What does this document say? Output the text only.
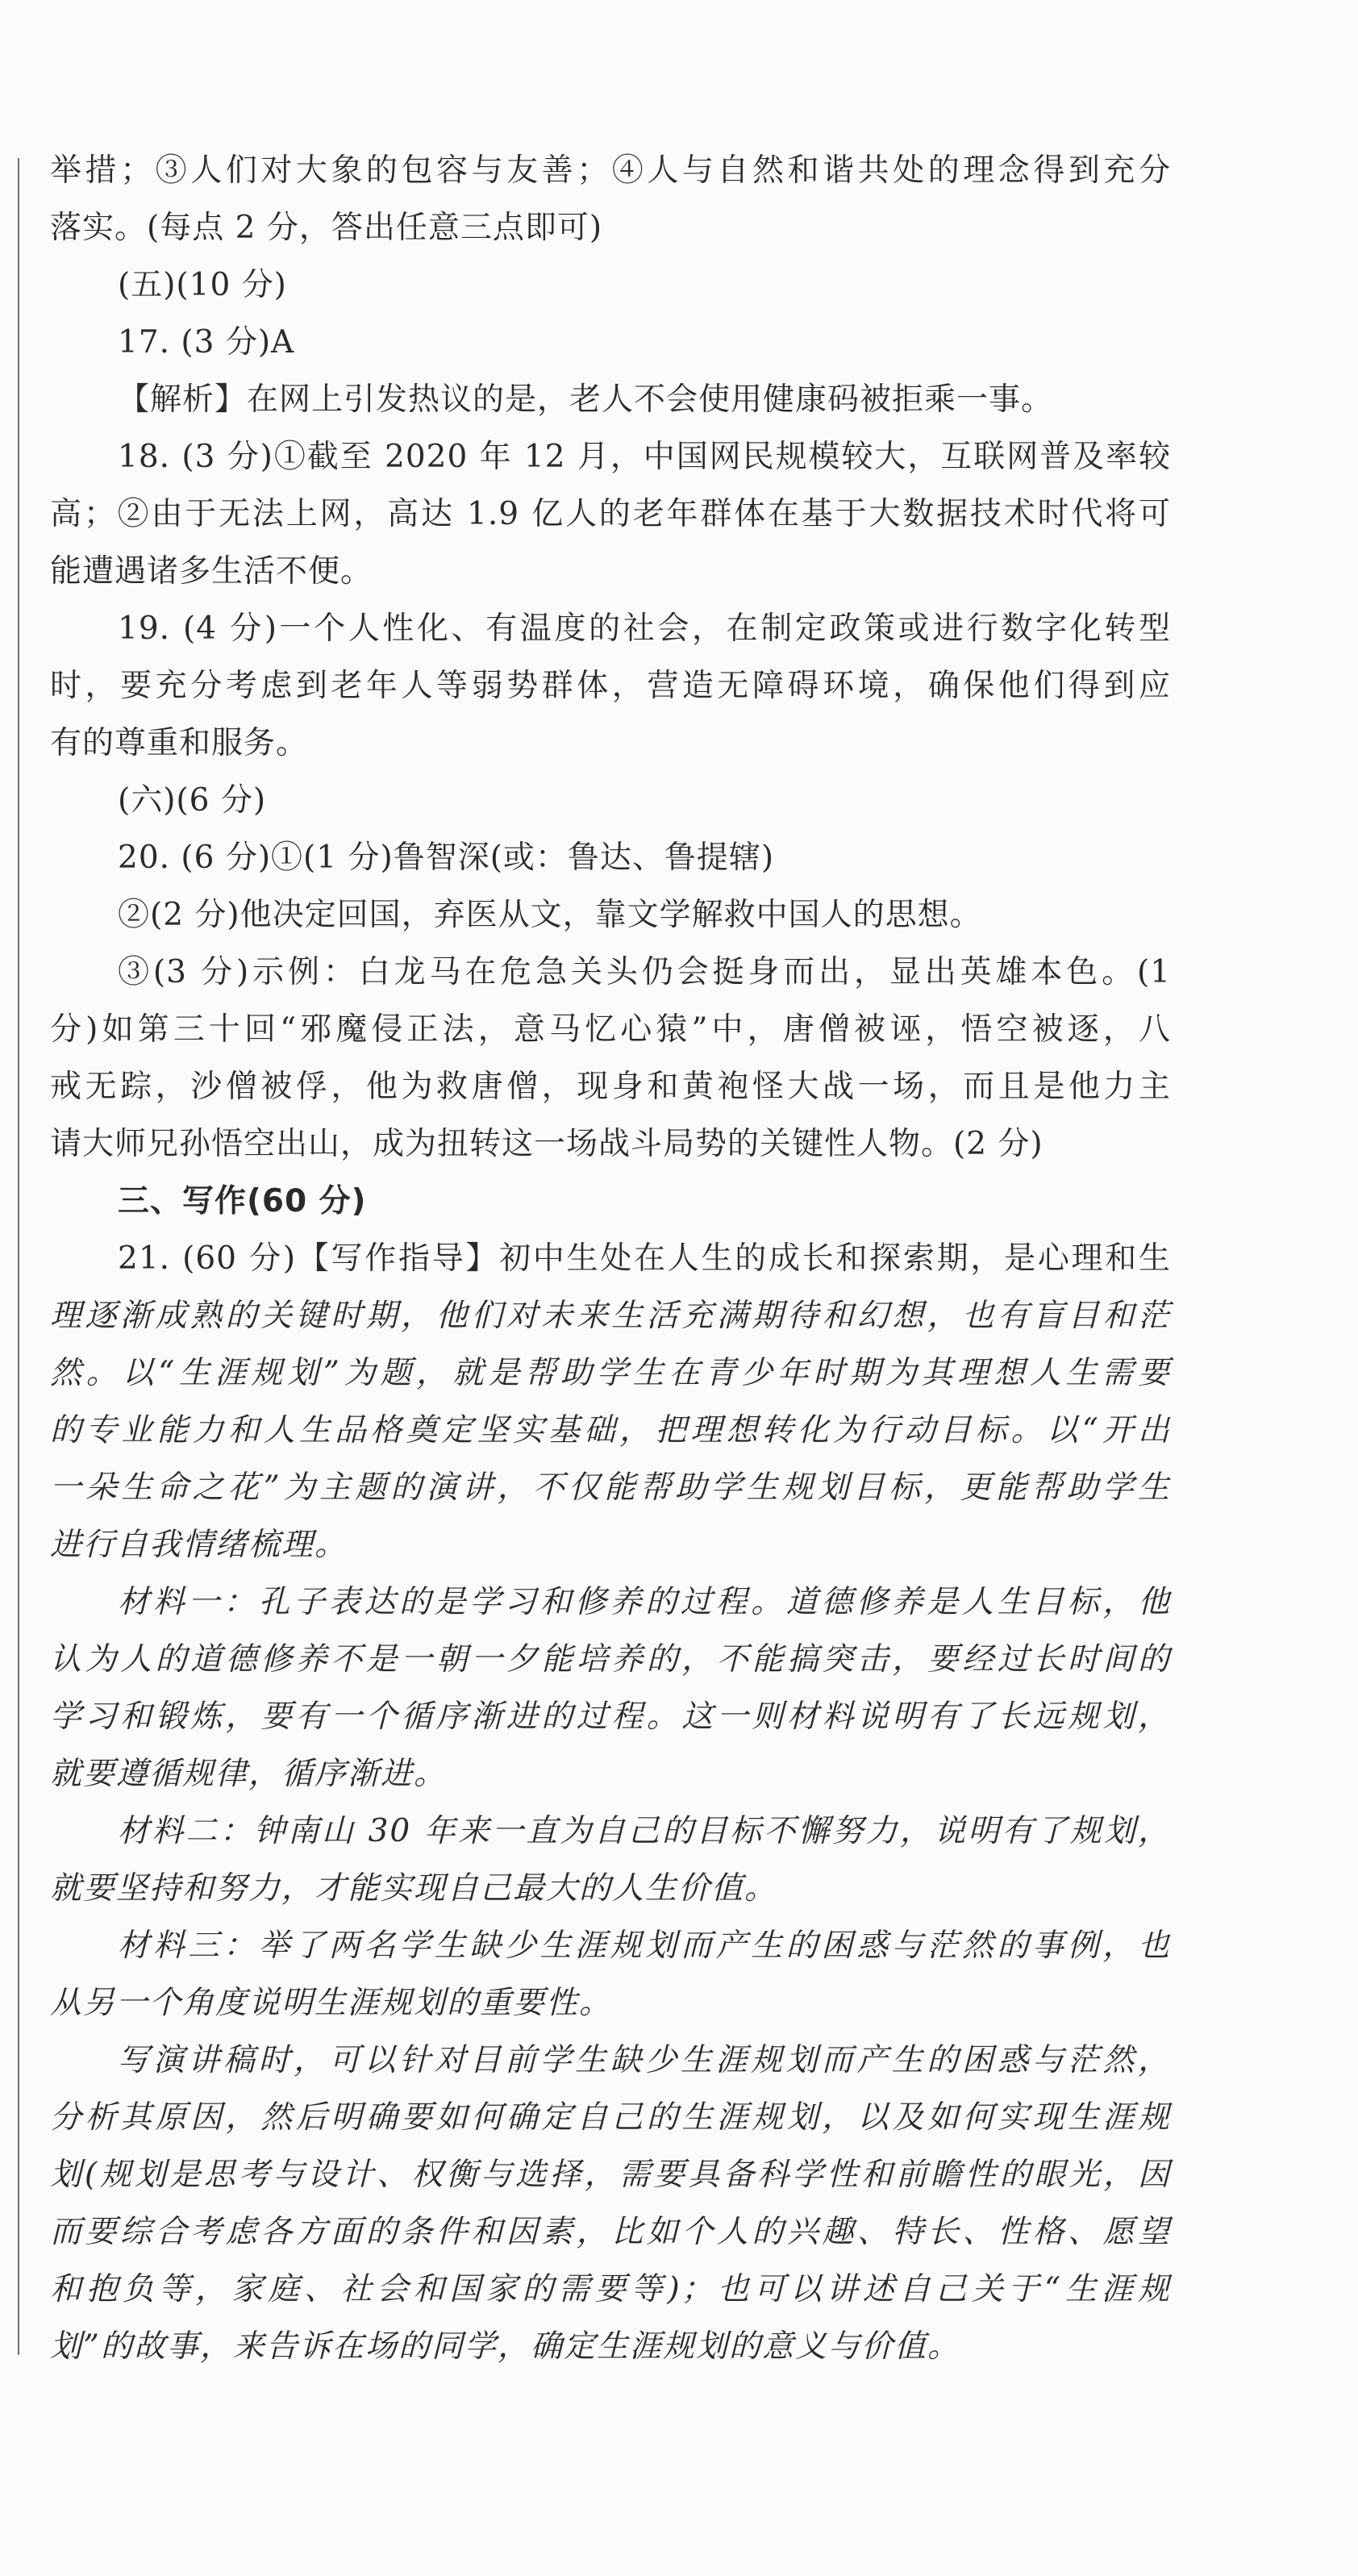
举措；③人们对大象的包容与友善；④人与自然和谐共处的理念得到充分

落实。(每点 2 分，答出任意三点即可)

(五)(10 分)

17. (3 分)A

【解析】在网上引发热议的是，老人不会使用健康码被拒乘一事。

18. (3 分)①截至 2020 年 12 月，中国网民规模较大，互联网普及率较

高；②由于无法上网，高达 1.9 亿人的老年群体在基于大数据技术时代将可

能遭遇诸多生活不便。

19. (4 分)一个人性化、有温度的社会，在制定政策或进行数字化转型

时，要充分考虑到老年人等弱势群体，营造无障碍环境，确保他们得到应

有的尊重和服务。

(六)(6 分)

20. (6 分)①(1 分)鲁智深(或：鲁达、鲁提辖)

②(2 分)他决定回国，弃医从文，靠文学解救中国人的思想。

③(3 分)示例：白龙马在危急关头仍会挺身而出，显出英雄本色。(1

分)如第三十回“邪魔侵正法，意马忆心猿”中，唐僧被诬，悟空被逐，八

戒无踪，沙僧被俘，他为救唐僧，现身和黄袍怪大战一场，而且是他力主

请大师兄孙悟空出山，成为扭转这一场战斗局势的关键性人物。(2 分)

三、写作(60 分)

21. (60 分)【写作指导】初中生处在人生的成长和探索期，是心理和生

理逐渐成熟的关键时期，他们对未来生活充满期待和幻想，也有盲目和茫

然。以“生涯规划”为题，就是帮助学生在青少年时期为其理想人生需要

的专业能力和人生品格奠定坚实基础，把理想转化为行动目标。以“开出

一朵生命之花”为主题的演讲，不仅能帮助学生规划目标，更能帮助学生

进行自我情绪梳理。

材料一：孔子表达的是学习和修养的过程。道德修养是人生目标，他

认为人的道德修养不是一朝一夕能培养的，不能搞突击，要经过长时间的

学习和锻炼，要有一个循序渐进的过程。这一则材料说明有了长远规划，

就要遵循规律，循序渐进。

材料二：钟南山 30 年来一直为自己的目标不懈努力，说明有了规划，

就要坚持和努力，才能实现自己最大的人生价值。

材料三：举了两名学生缺少生涯规划而产生的困惑与茫然的事例，也

从另一个角度说明生涯规划的重要性。

写演讲稿时，可以针对目前学生缺少生涯规划而产生的困惑与茫然，

分析其原因，然后明确要如何确定自己的生涯规划，以及如何实现生涯规

划(规划是思考与设计、权衡与选择，需要具备科学性和前瞻性的眼光，因

而要综合考虑各方面的条件和因素，比如个人的兴趣、特长、性格、愿望

和抱负等，家庭、社会和国家的需要等)；也可以讲述自己关于“生涯规

划”的故事，来告诉在场的同学，确定生涯规划的意义与价值。
